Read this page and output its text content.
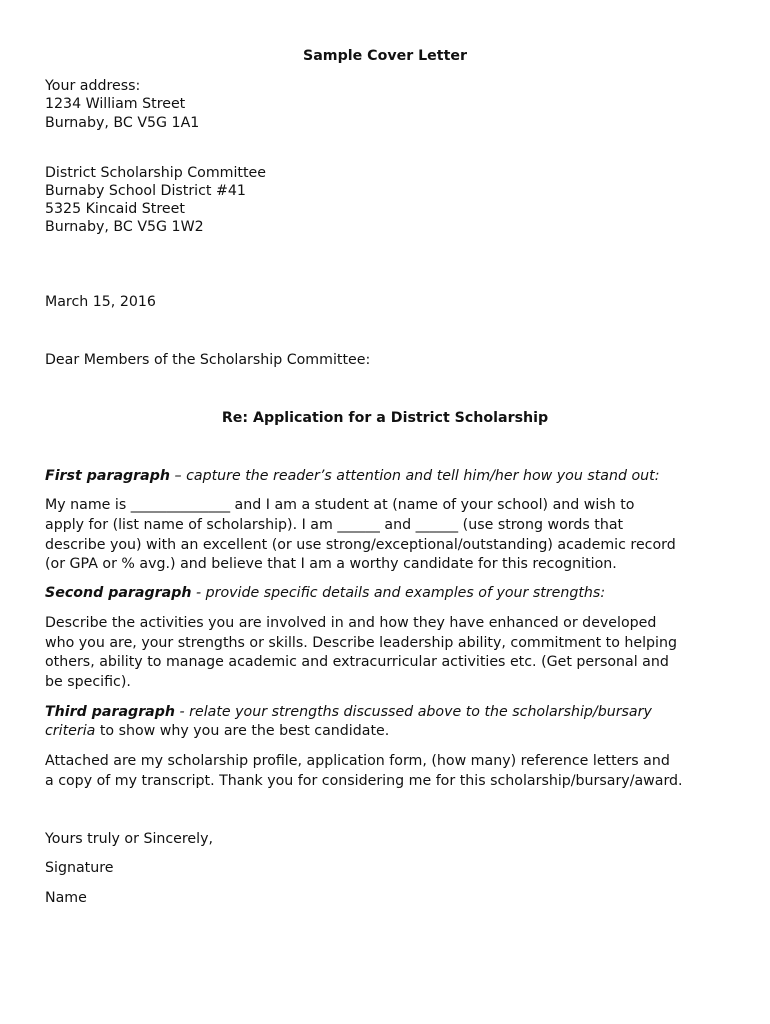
Sample Cover Letter
Your address:
1234 William Street
Burnaby, BC V5G 1A1
District Scholarship Committee
Burnaby School District #41
5325 Kincaid Street
Burnaby, BC V5G 1W2
March 15, 2016
Dear Members of the Scholarship Committee:
Re: Application for a District Scholarship
First paragraph – capture the reader’s attention and tell him/her how you stand out:
My name is ______________ and I am a student at (name of your school) and wish to
apply for (list name of scholarship). I am ______ and ______ (use strong words that
describe you) with an excellent (or use strong/exceptional/outstanding) academic record
(or GPA or % avg.) and believe that I am a worthy candidate for this recognition.
Second paragraph - provide specific details and examples of your strengths:
Describe the activities you are involved in and how they have enhanced or developed
who you are, your strengths or skills. Describe leadership ability, commitment to helping
others, ability to manage academic and extracurricular activities etc. (Get personal and
be specific).
Third paragraph - relate your strengths discussed above to the scholarship/bursary
criteria to show why you are the best candidate.
Attached are my scholarship profile, application form, (how many) reference letters and
a copy of my transcript. Thank you for considering me for this scholarship/bursary/award.
Yours truly or Sincerely,
Signature
Name
